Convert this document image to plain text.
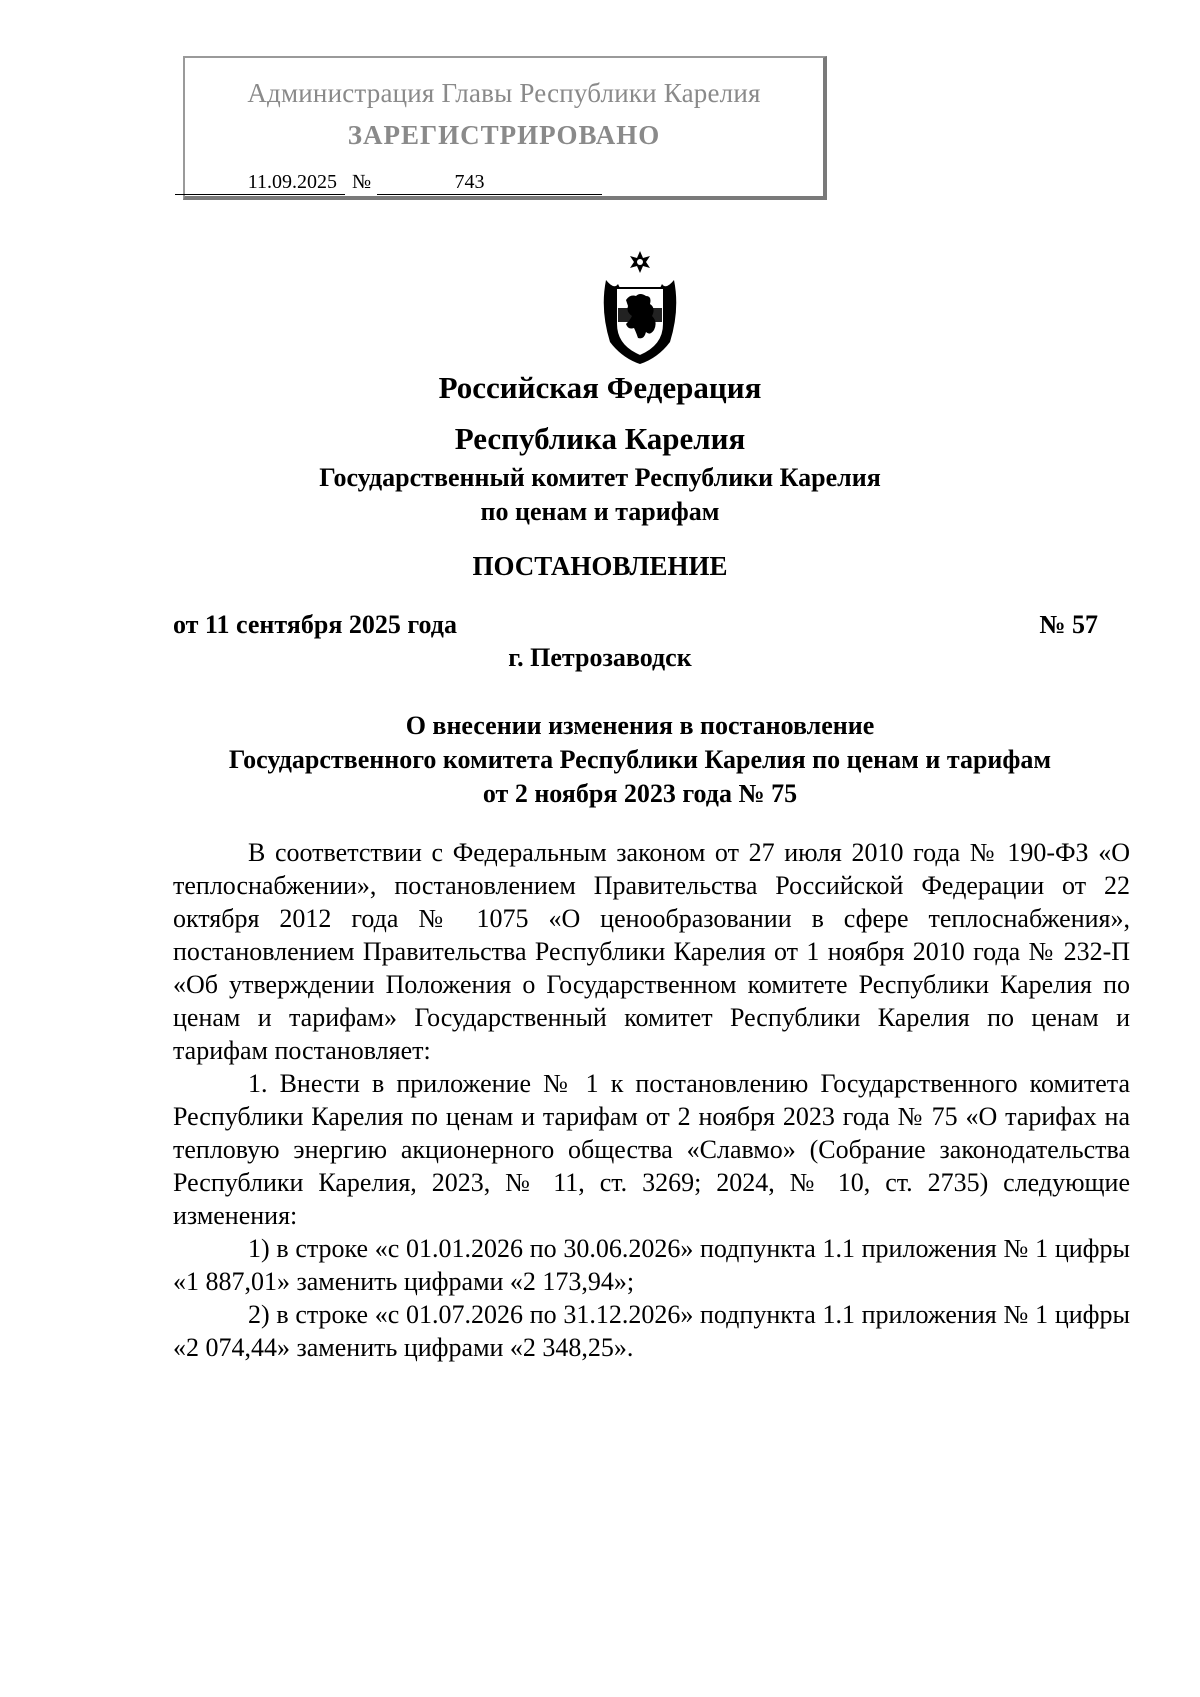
Администрация Главы Республики Карелия
ЗАРЕГИСТРИРОВАНО
11.09.2025 №	743
Российская Федерация
Республика Карелия
Государственный комитет Республики Карелия
по ценам и тарифам
ПОСТАНОВЛЕНИЕ
от 11 сентября 2025 года	№ 57
г. Петрозаводск
О внесении изменения в постановление
Государственного комитета Республики Карелия по ценам и тарифам
от 2 ноября 2023 года № 75

В соответствии с Федеральным законом от 27 июля 2010 года № 190-ФЗ «О теплоснабжении», постановлением Правительства Российской Федерации от 22 октября 2012 года № 1075 «О ценообразовании в сфере теплоснабжения», постановлением Правительства Республики Карелия от 1 ноября 2010 года № 232-П «Об утверждении Положения о Государственном комитете Республики Карелия по ценам и тарифам» Государственный комитет Республики Карелия по ценам и тарифам постановляет:

1. Внести в приложение № 1 к постановлению Государственного комитета Республики Карелия по ценам и тарифам от 2 ноября 2023 года № 75 «О тарифах на тепловую энергию акционерного общества «Славмо» (Собрание законодательства Республики Карелия, 2023, № 11, ст. 3269; 2024, № 10, ст. 2735) следующие изменения:

1) в строке «с 01.01.2026 по 30.06.2026» подпункта 1.1 приложения № 1 цифры «1 887,01» заменить цифрами «2 173,94»;

2) в строке «с 01.07.2026 по 31.12.2026» подпункта 1.1 приложения № 1 цифры «2 074,44» заменить цифрами «2 348,25».
